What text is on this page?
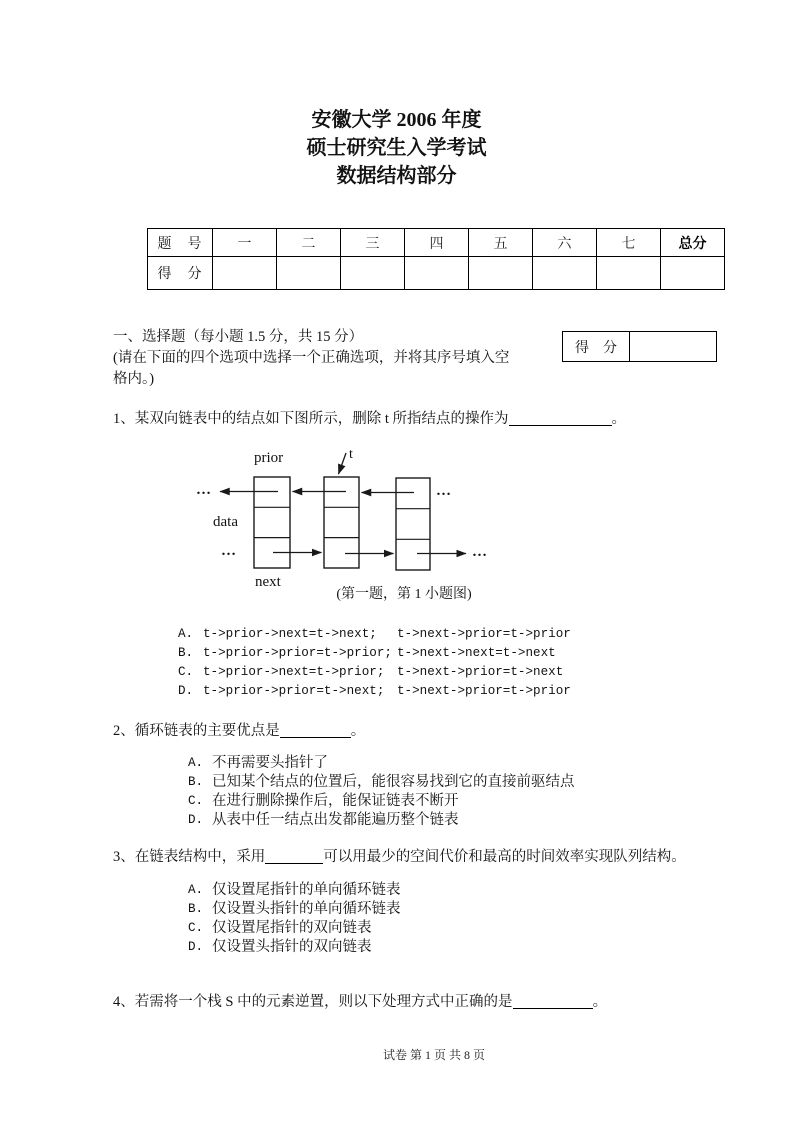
安徽大学 2006 年度
硕士研究生入学考试
数据结构部分
题　号	一	二	三	四	五	六	七	总分
得　分								
得　分	
一、选择题（每小题 1.5 分，共 15 分）
(请在下面的四个选项中选择一个正确选项，并将其序号填入空
格内。)
1、某双向链表中的结点如下图所示，删除 t 所指结点的操作为	。
t
prior
data
next
…
…
…
…
(第一题，第 1 小题图)
A. t->prior->next=t->next;	t->next->prior=t->prior
B. t->prior->prior=t->prior; t->next->next=t->next
C. t->prior->next=t->prior;	t->next->prior=t->next
D. t->prior->prior=t->next;	t->next->prior=t->prior
2、循环链表的主要优点是	。
A. 不再需要头指针了
B. 已知某个结点的位置后，能很容易找到它的直接前驱结点
C. 在进行删除操作后，能保证链表不断开
D. 从表中任一结点出发都能遍历整个链表
3、在链表结构中，采用	可以用最少的空间代价和最高的时间效率实现队列结构。
A. 仅设置尾指针的单向循环链表
B. 仅设置头指针的单向循环链表
C. 仅设置尾指针的双向链表
D. 仅设置头指针的双向链表
4、若需将一个栈 S 中的元素逆置，则以下处理方式中正确的是	。
试卷 第 1 页 共 8 页
